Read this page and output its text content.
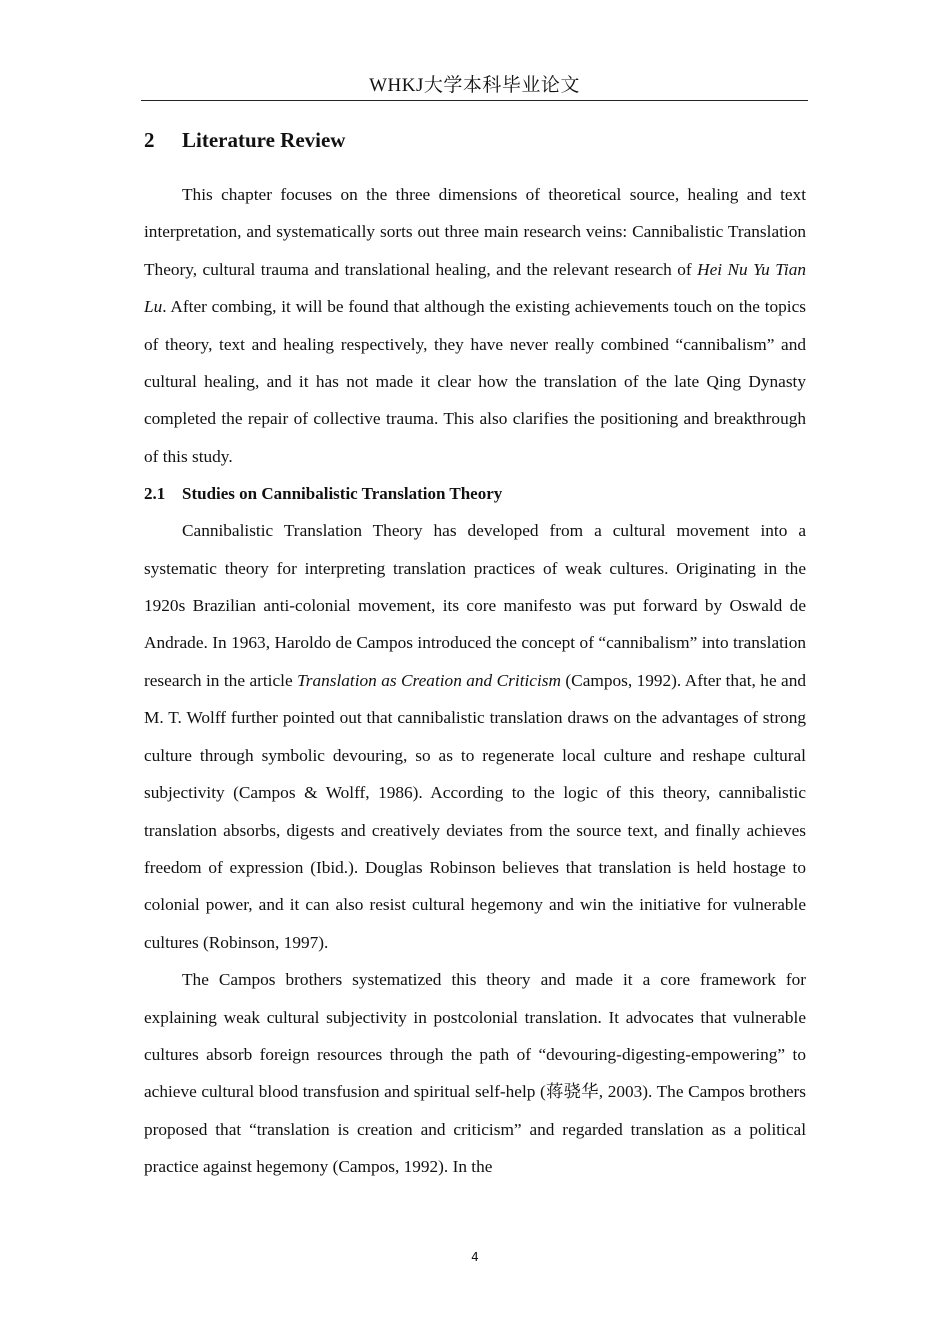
WHKJ大学本科毕业论文
2 Literature Review

This chapter focuses on the three dimensions of theoretical source, healing and text interpretation, and systematically sorts out three main research veins: Cannibalistic Translation Theory, cultural trauma and translational healing, and the relevant research of Hei Nu Yu Tian Lu. After combing, it will be found that although the existing achievements touch on the topics of theory, text and healing respectively, they have never really combined “cannibalism” and cultural healing, and it has not made it clear how the translation of the late Qing Dynasty completed the repair of collective trauma. This also clarifies the positioning and breakthrough of this study.

2.1 Studies on Cannibalistic Translation Theory

Cannibalistic Translation Theory has developed from a cultural movement into a systematic theory for interpreting translation practices of weak cultures. Originating in the 1920s Brazilian anti-colonial movement, its core manifesto was put forward by Oswald de Andrade. In 1963, Haroldo de Campos introduced the concept of “cannibalism” into translation research in the article Translation as Creation and Criticism (Campos, 1992). After that, he and M. T. Wolff further pointed out that cannibalistic translation draws on the advantages of strong culture through symbolic devouring, so as to regenerate local culture and reshape cultural subjectivity (Campos & Wolff, 1986). According to the logic of this theory, cannibalistic translation absorbs, digests and creatively deviates from the source text, and finally achieves freedom of expression (Ibid.). Douglas Robinson believes that translation is held hostage to colonial power, and it can also resist cultural hegemony and win the initiative for vulnerable cultures (Robinson, 1997).

The Campos brothers systematized this theory and made it a core framework for explaining weak cultural subjectivity in postcolonial translation. It advocates that vulnerable cultures absorb foreign resources through the path of “devouring-digesting-empowering” to achieve cultural blood transfusion and spiritual self-help (蒋骁华, 2003). The Campos brothers proposed that “translation is creation and criticism” and regarded translation as a political practice against hegemony (Campos, 1992). In the

4
